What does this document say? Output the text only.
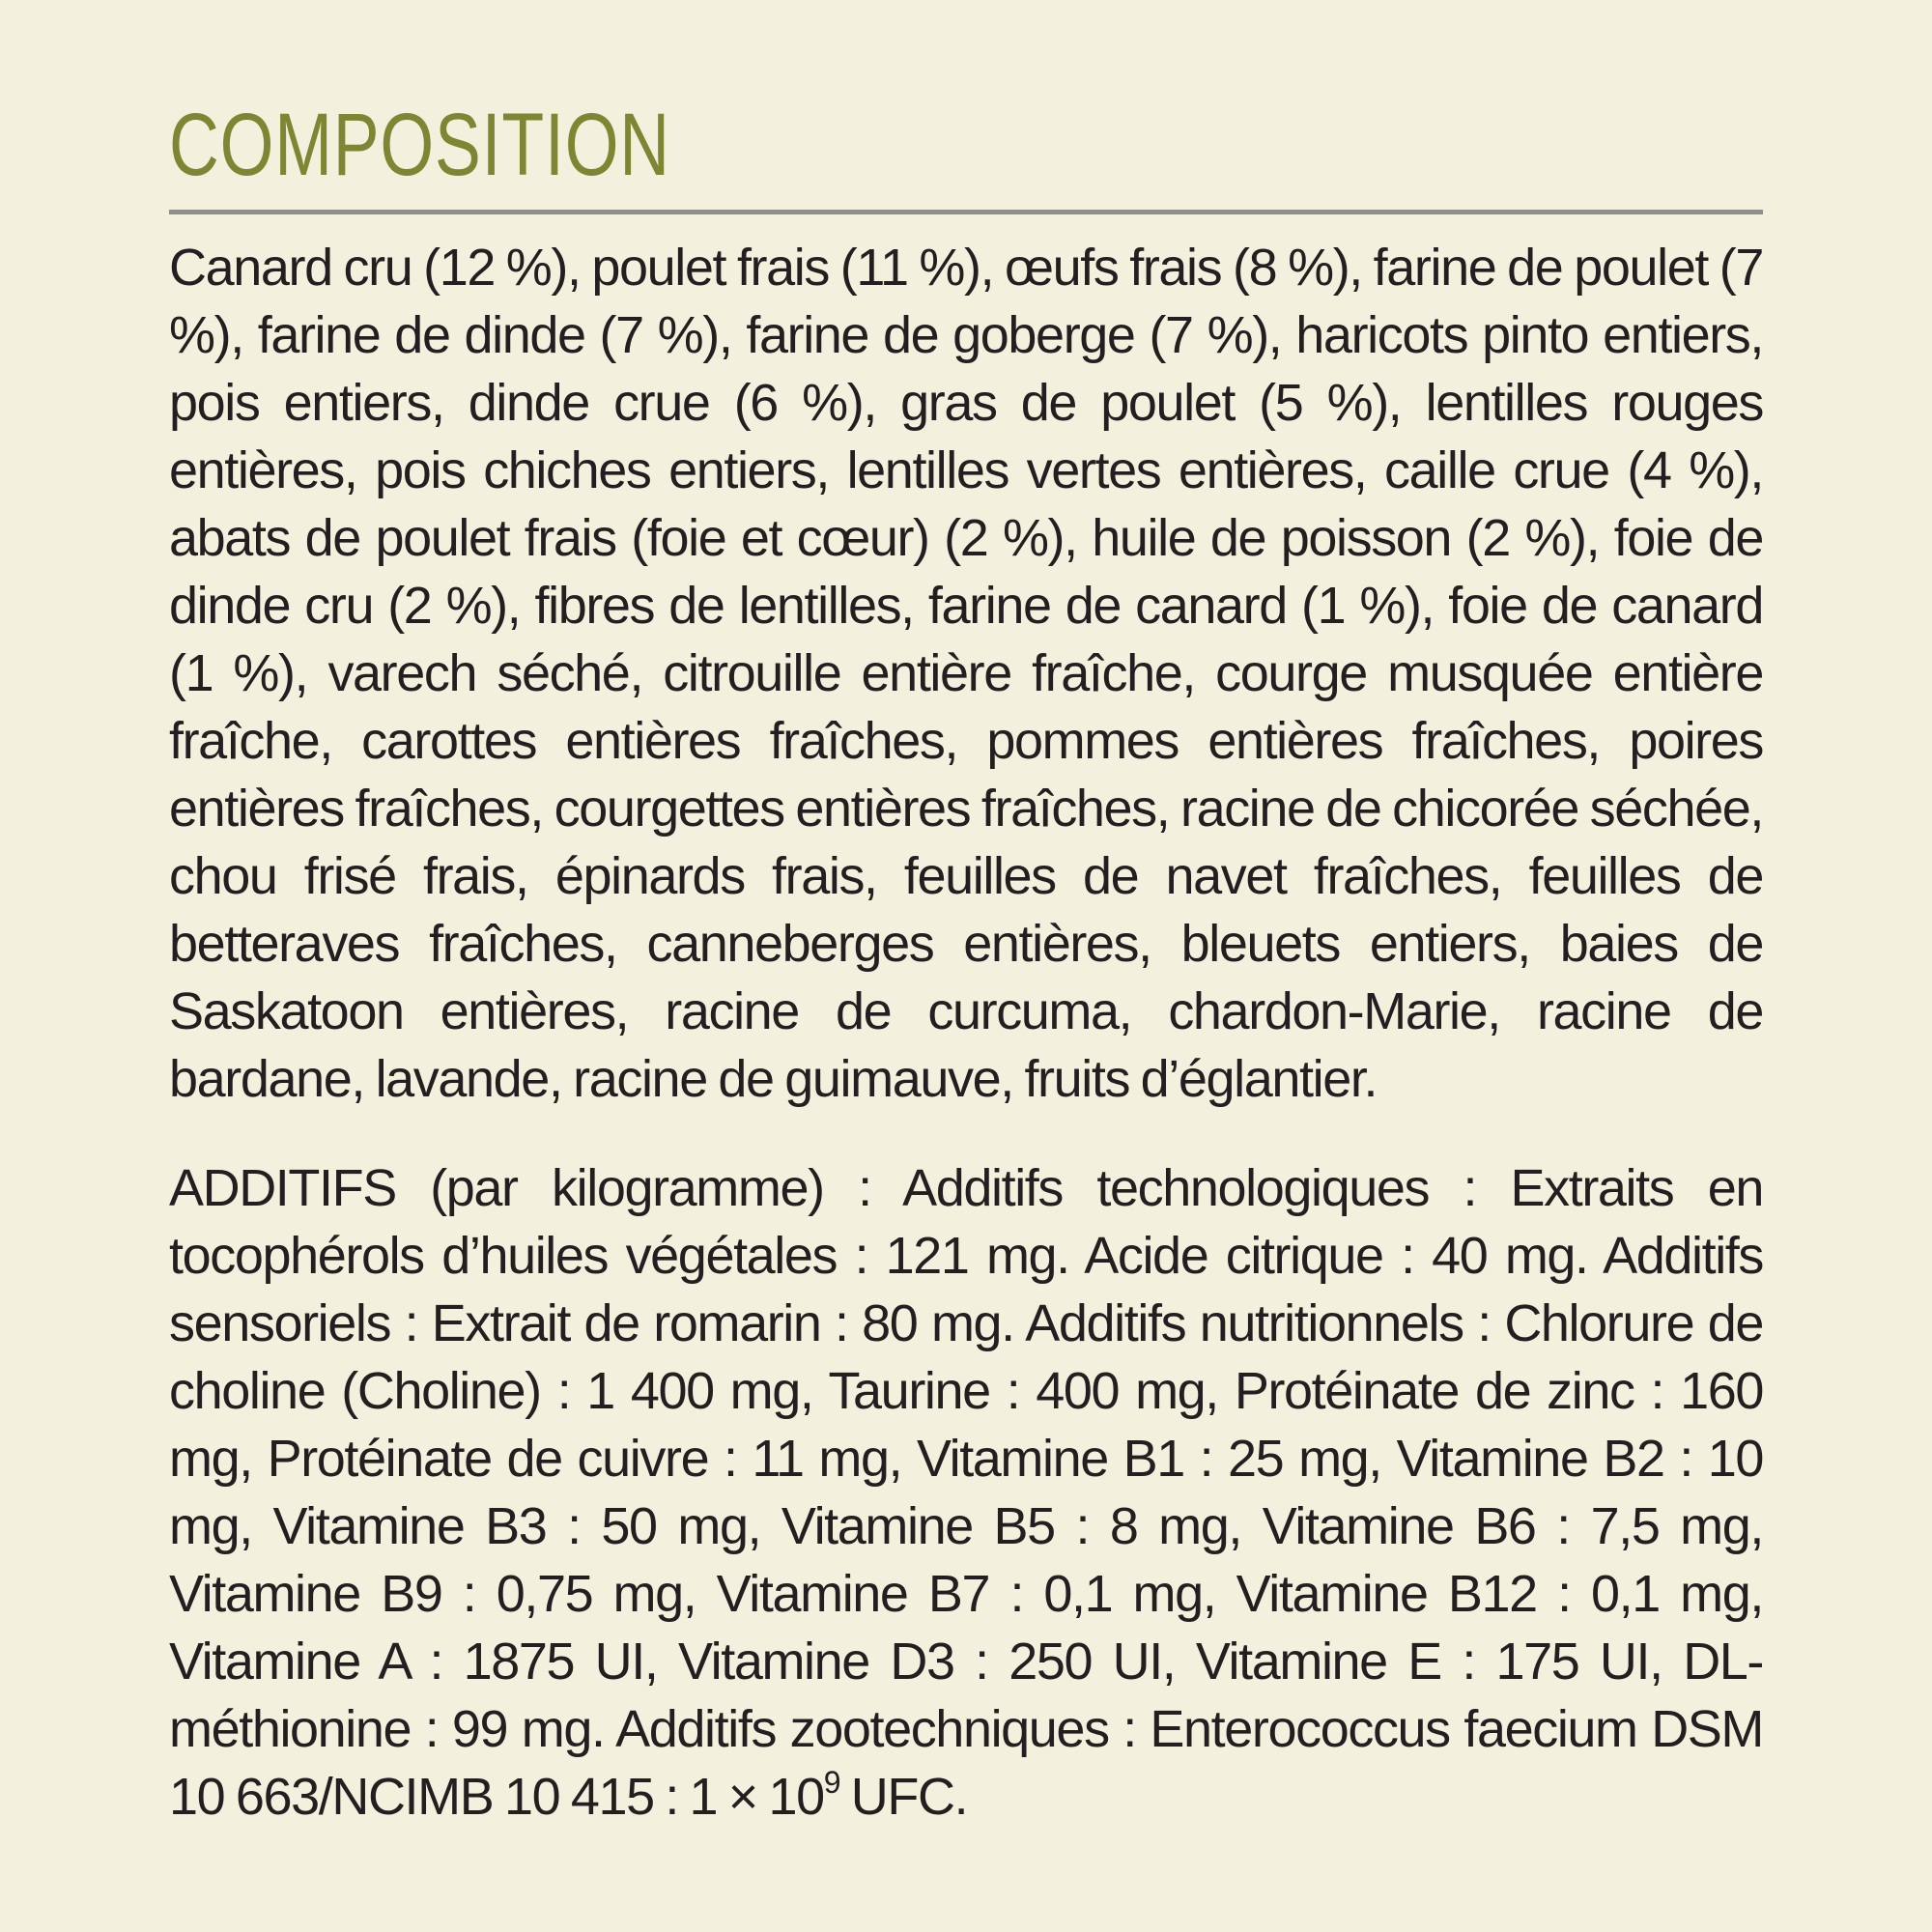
COMPOSITION
Canard cru (12 %), poulet frais (11 %), œufs frais (8 %), farine de poulet (7 %), farine de dinde (7 %), farine de goberge (7 %), haricots pinto entiers, pois entiers, dinde crue (6 %), gras de poulet (5 %), lentilles rouges entières, pois chiches entiers, lentilles vertes entières, caille crue (4 %), abats de poulet frais (foie et cœur) (2 %), huile de poisson (2 %), foie de dinde cru (2 %), fibres de lentilles, farine de canard (1 %), foie de canard (1 %), varech séché, citrouille entière fraîche, courge musquée entière fraîche, carottes entières fraîches, pommes entières fraîches, poires entières fraîches, courgettes entières fraîches, racine de chicorée séchée, chou frisé frais, épinards frais, feuilles de navet fraîches, feuilles de betteraves fraîches, canneberges entières, bleuets entiers, baies de Saskatoon entières, racine de curcuma, chardon-Marie, racine de bardane, lavande, racine de guimauve, fruits d’églantier.
ADDITIFS (par kilogramme) : Additifs technologiques : Extraits en tocophérols d’huiles végétales : 121 mg. Acide citrique : 40 mg. Additifs sensoriels : Extrait de romarin : 80 mg. Additifs nutritionnels : Chlorure de choline (Choline) : 1 400 mg, Taurine : 400 mg, Protéinate de zinc : 160 mg, Protéinate de cuivre : 11 mg, Vitamine B1 : 25 mg, Vitamine B2 : 10 mg, Vitamine B3 : 50 mg, Vitamine B5 : 8 mg, Vitamine B6 : 7,5 mg, Vitamine B9 : 0,75 mg, Vitamine B7 : 0,1 mg, Vitamine B12 : 0,1 mg, Vitamine A : 1875 UI, Vitamine D3 : 250 UI, Vitamine E : 175 UI, DL-méthionine : 99 mg. Additifs zootechniques : Enterococcus faecium DSM 10 663/NCIMB 10 415 : $1 \times 10^9$ UFC.
